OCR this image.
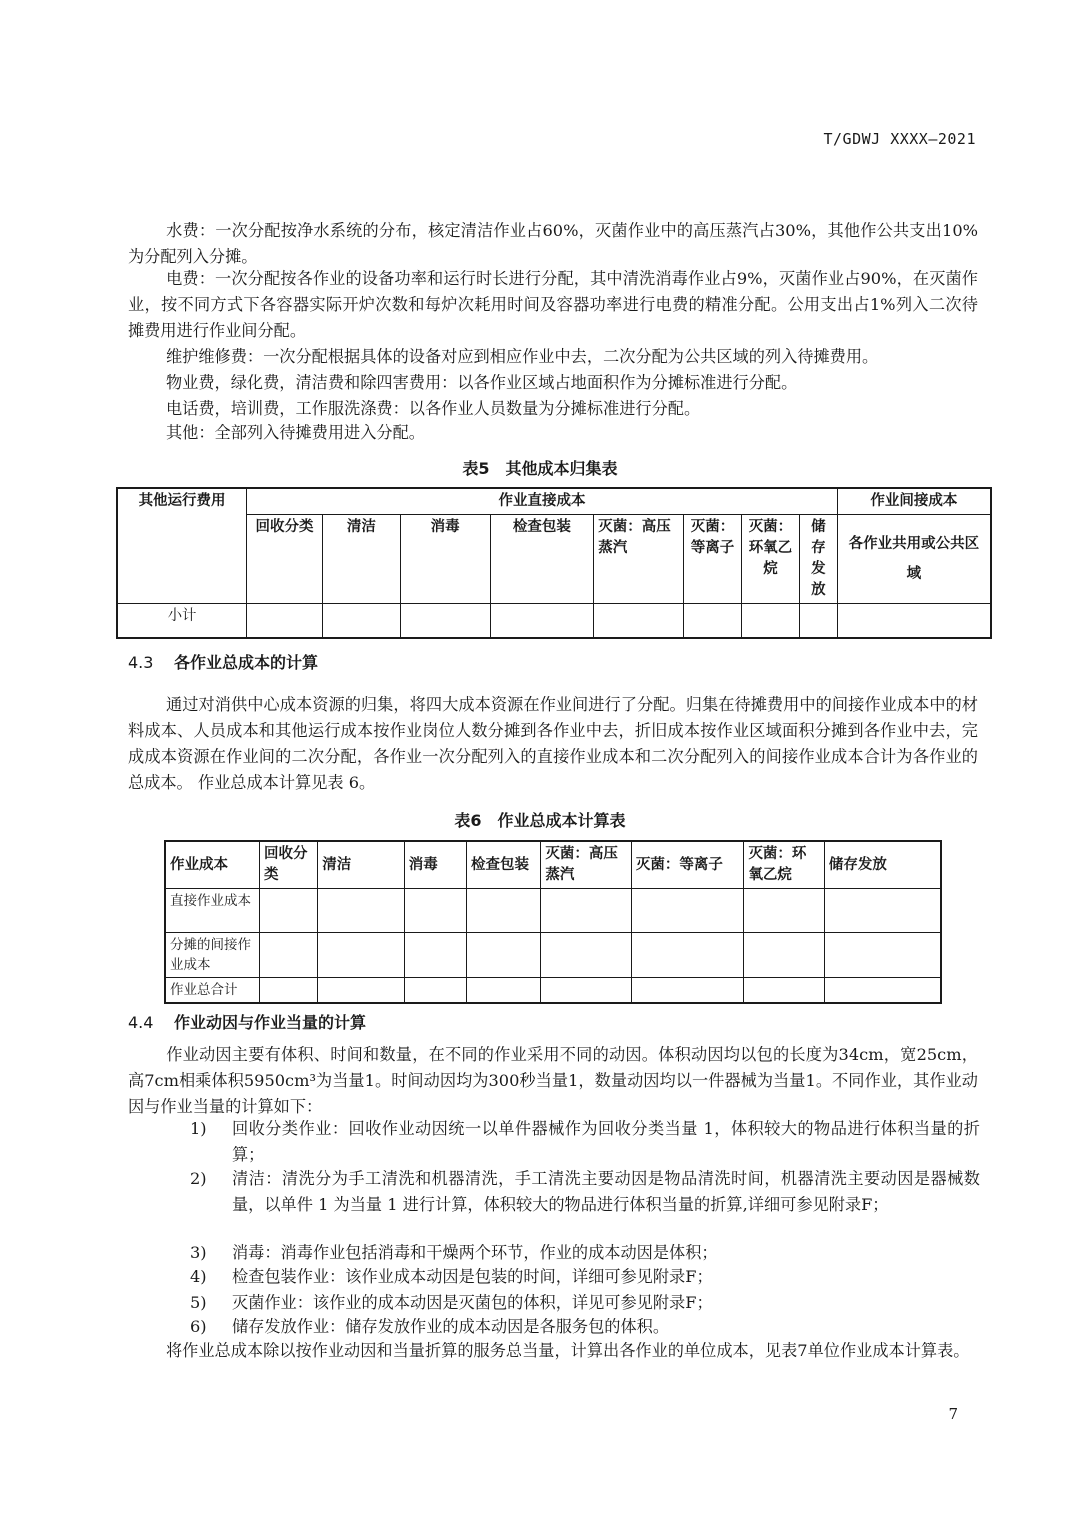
T/GDWJ XXXX—2021
水费：一次分配按净水系统的分布，核定清洁作业占60%，灭菌作业中的高压蒸汽占30%，其他作公共支出10%为分配列入分摊。
电费：一次分配按各作业的设备功率和运行时长进行分配，其中清洗消毒作业占9%，灭菌作业占90%，在灭菌作业，按不同方式下各容器实际开炉次数和每炉次耗用时间及容器功率进行电费的精准分配。公用支出占1%列入二次待摊费用进行作业间分配。
维护维修费：一次分配根据具体的设备对应到相应作业中去，二次分配为公共区域的列入待摊费用。
物业费，绿化费，清洁费和除四害费用：以各作业区域占地面积作为分摊标准进行分配。
电话费，培训费，工作服洗涤费：以各作业人员数量为分摊标准进行分配。
其他：全部列入待摊费用进入分配。
表5　其他成本归集表
其他运行费用	作业直接成本								作业间接成本
	回收分类	清洁	消毒	检查包装	灭菌：高压蒸汽	灭菌：等离子	灭菌：环氧乙烷	储存发放	各作业共用或公共区域
小计									
4.3 各作业总成本的计算
通过对消供中心成本资源的归集，将四大成本资源在作业间进行了分配。归集在待摊费用中的间接作业成本中的材料成本、人员成本和其他运行成本按作业岗位人数分摊到各作业中去，折旧成本按作业区域面积分摊到各作业中去，完成成本资源在作业间的二次分配，各作业一次分配列入的直接作业成本和二次分配列入的间接作业成本合计为各作业的总成本。 作业总成本计算见表 6。
表6　作业总成本计算表
作业成本	回收分类	清洁	消毒	检查包装	灭菌：高压蒸汽	灭菌：等离子	灭菌：环氧乙烷	储存发放
直接作业成本								
分摊的间接作业成本								
作业总合计								
4.4 作业动因与作业当量的计算
作业动因主要有体积、时间和数量，在不同的作业采用不同的动因。体积动因均以包的长度为34cm，宽25cm，高7cm相乘体积5950cm³为当量1。时间动因均为300秒当量1，数量动因均以一件器械为当量1。不同作业，其作业动因与作业当量的计算如下：
1) 回收分类作业：回收作业动因统一以单件器械作为回收分类当量 1，体积较大的物品进行体积当量的折算；
2) 清洁：清洗分为手工清洗和机器清洗，手工清洗主要动因是物品清洗时间，机器清洗主要动因是器械数量，以单件 1 为当量 1 进行计算，体积较大的物品进行体积当量的折算,详细可参见附录F；
3) 消毒：消毒作业包括消毒和干燥两个环节，作业的成本动因是体积；
4) 检查包装作业：该作业成本动因是包装的时间，详细可参见附录F；
5) 灭菌作业：该作业的成本动因是灭菌包的体积，详见可参见附录F；
6) 储存发放作业：储存发放作业的成本动因是各服务包的体积。
将作业总成本除以按作业动因和当量折算的服务总当量，计算出各作业的单位成本，见表7单位作业成本计算表。
7
